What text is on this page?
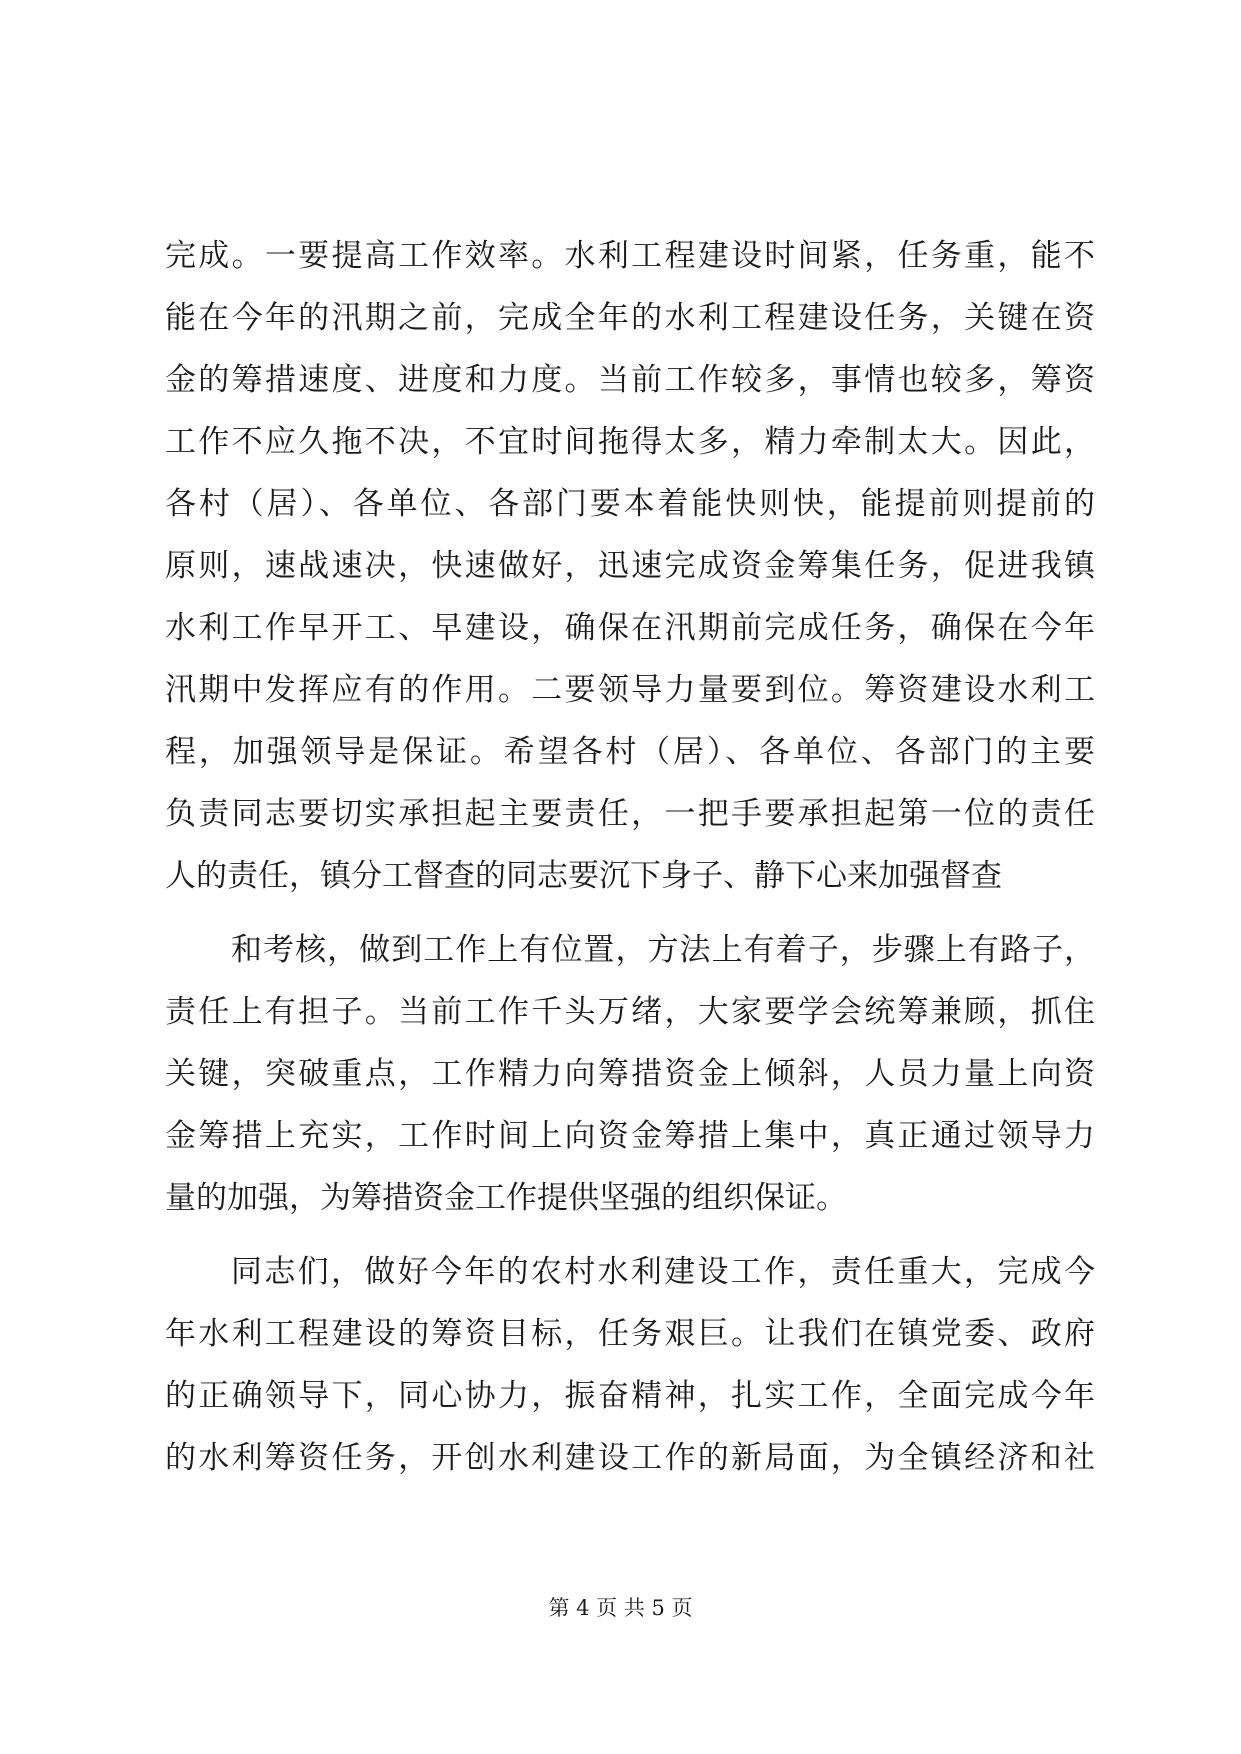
完成。一要提高工作效率。水利工程建设时间紧，任务重，能不
能在今年的汛期之前，完成全年的水利工程建设任务，关键在资
金的筹措速度、进度和力度。当前工作较多，事情也较多，筹资
工作不应久拖不决，不宜时间拖得太多，精力牵制太大。因此，
各村（居）、各单位、各部门要本着能快则快，能提前则提前的
原则，速战速决，快速做好，迅速完成资金筹集任务，促进我镇
水利工作早开工、早建设，确保在汛期前完成任务，确保在今年
汛期中发挥应有的作用。二要领导力量要到位。筹资建设水利工
程，加强领导是保证。希望各村（居）、各单位、各部门的主要
负责同志要切实承担起主要责任，一把手要承担起第一位的责任
人的责任，镇分工督查的同志要沉下身子、静下心来加强督查
和考核，做到工作上有位置，方法上有着子，步骤上有路子，
责任上有担子。当前工作千头万绪，大家要学会统筹兼顾，抓住
关键，突破重点，工作精力向筹措资金上倾斜，人员力量上向资
金筹措上充实，工作时间上向资金筹措上集中，真正通过领导力
量的加强，为筹措资金工作提供坚强的组织保证。
同志们，做好今年的农村水利建设工作，责任重大，完成今
年水利工程建设的筹资目标，任务艰巨。让我们在镇党委、政府
的正确领导下，同心协力，振奋精神，扎实工作，全面完成今年
的水利筹资任务，开创水利建设工作的新局面，为全镇经济和社
第 4 页 共 5 页
